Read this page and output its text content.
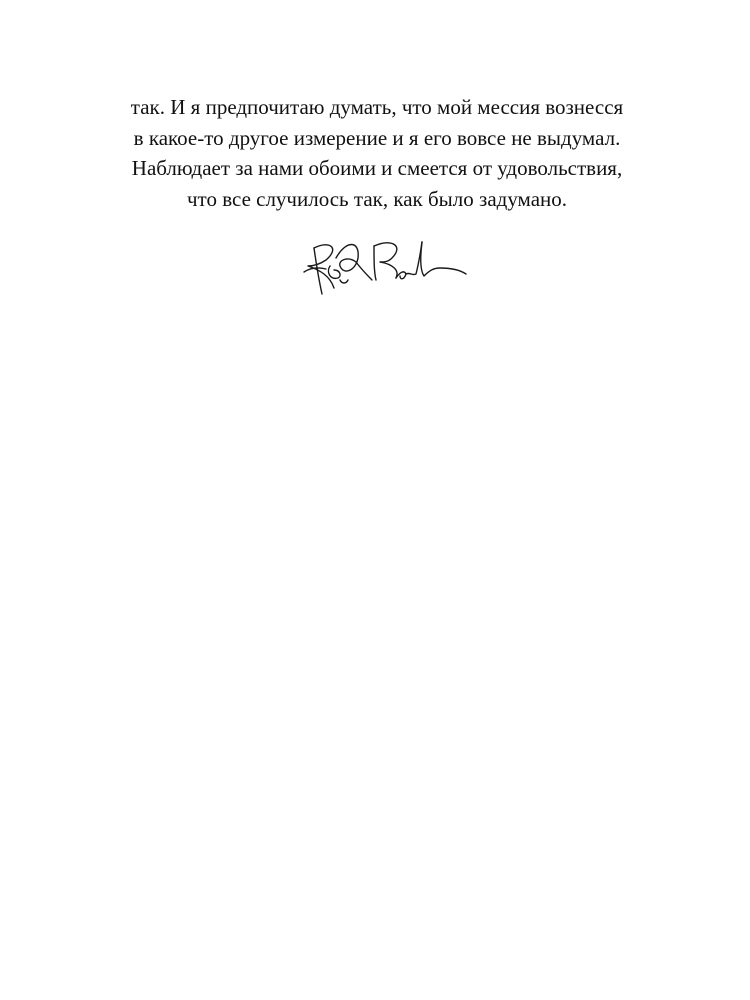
так. И я предпочитаю думать, что мой мессия вознесся
в какое-то другое измерение и я его вовсе не выдумал.
Наблюдает за нами обоими и смеется от удовольствия,
что все случилось так, как было задумано.
